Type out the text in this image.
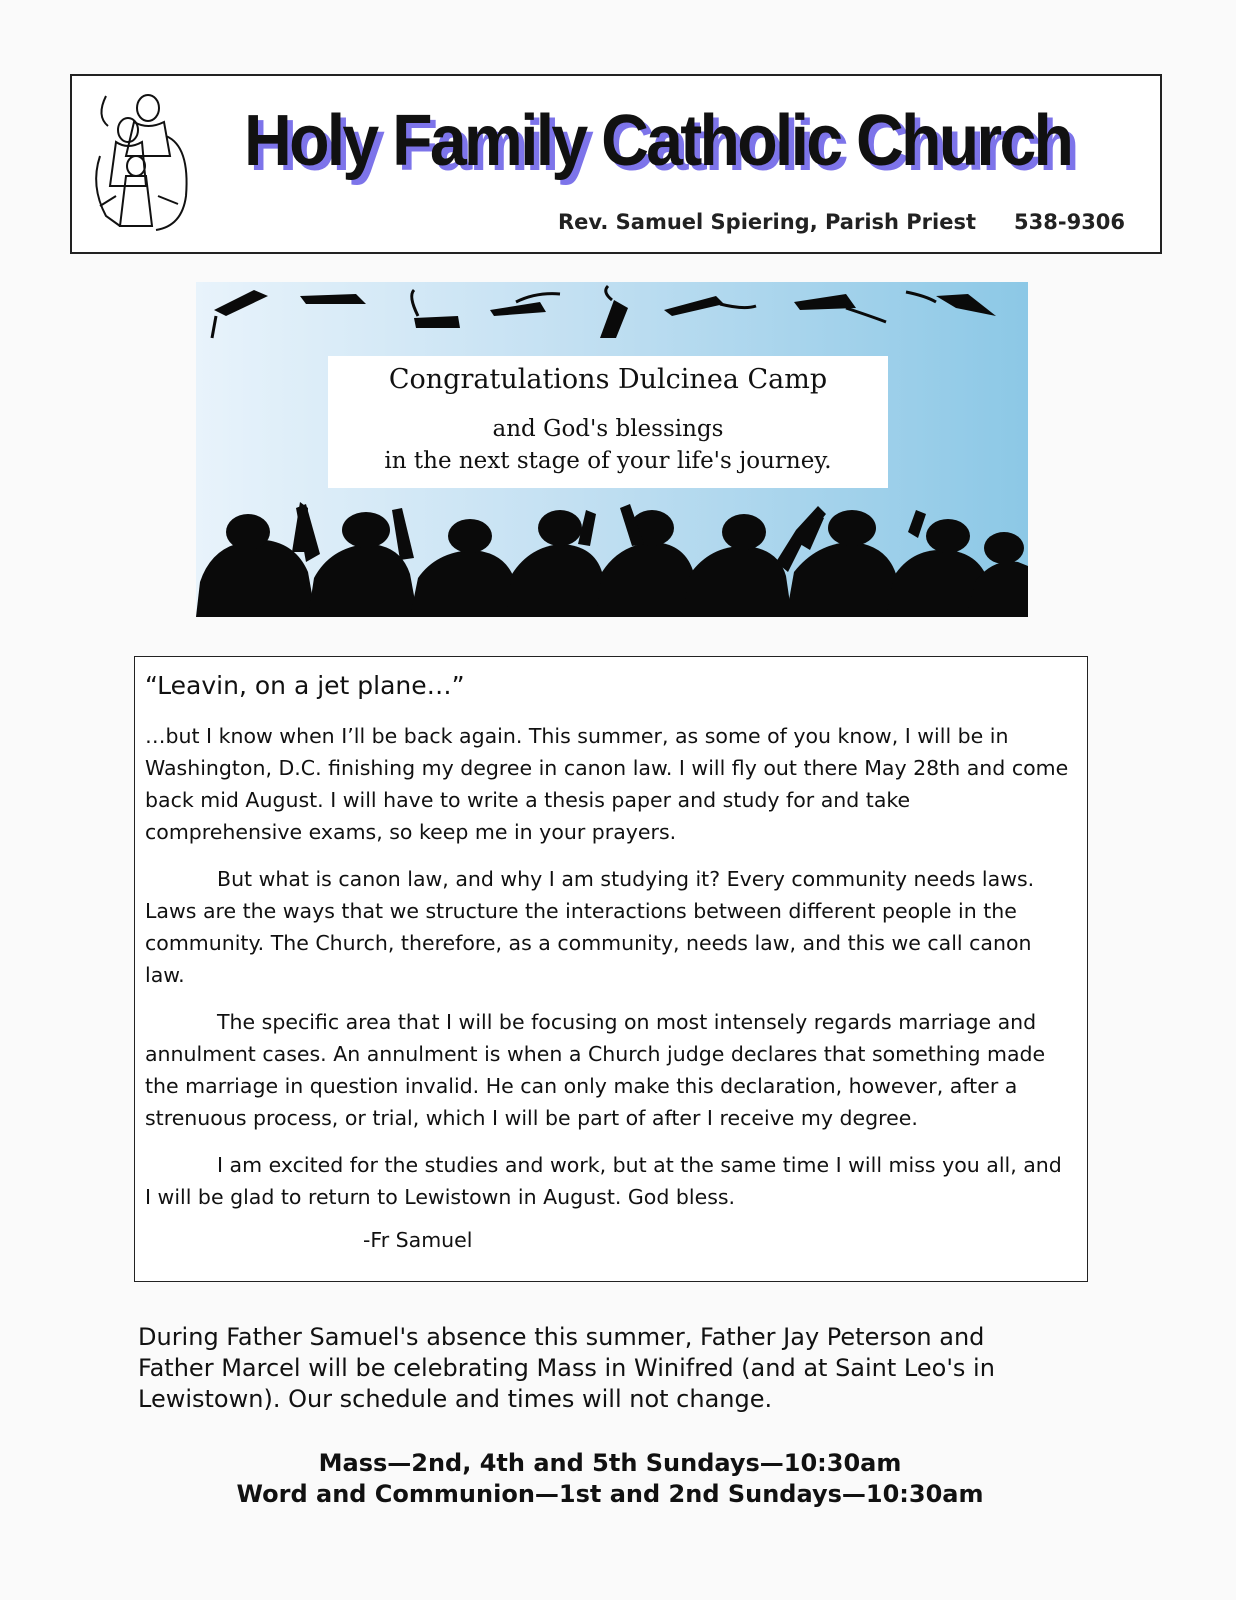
Holy Family Catholic Church
Rev. Samuel Spiering, Parish Priest 538-9306
Congratulations Dulcinea Camp
and God's blessings
in the next stage of your life's journey.
“Leavin, on a jet plane…”

…but I know when I’ll be back again. This summer, as some of you know, I will be in Washington, D.C. finishing my degree in canon law. I will fly out there May 28th and come back mid August. I will have to write a thesis paper and study for and take comprehensive exams, so keep me in your prayers.

But what is canon law, and why I am studying it? Every community needs laws. Laws are the ways that we structure the interactions between different people in the community. The Church, therefore, as a community, needs law, and this we call canon law.

The specific area that I will be focusing on most intensely regards marriage and annulment cases. An annulment is when a Church judge declares that something made the marriage in question invalid. He can only make this declaration, however, after a strenuous process, or trial, which I will be part of after I receive my degree.

I am excited for the studies and work, but at the same time I will miss you all, and I will be glad to return to Lewistown in August. God bless.

-Fr Samuel

During Father Samuel's absence this summer, Father Jay Peterson and Father Marcel will be celebrating Mass in Winifred (and at Saint Leo's in Lewistown). Our schedule and times will not change.
Mass—2nd, 4th and 5th Sundays—10:30am
Word and Communion—1st and 2nd Sundays—10:30am
